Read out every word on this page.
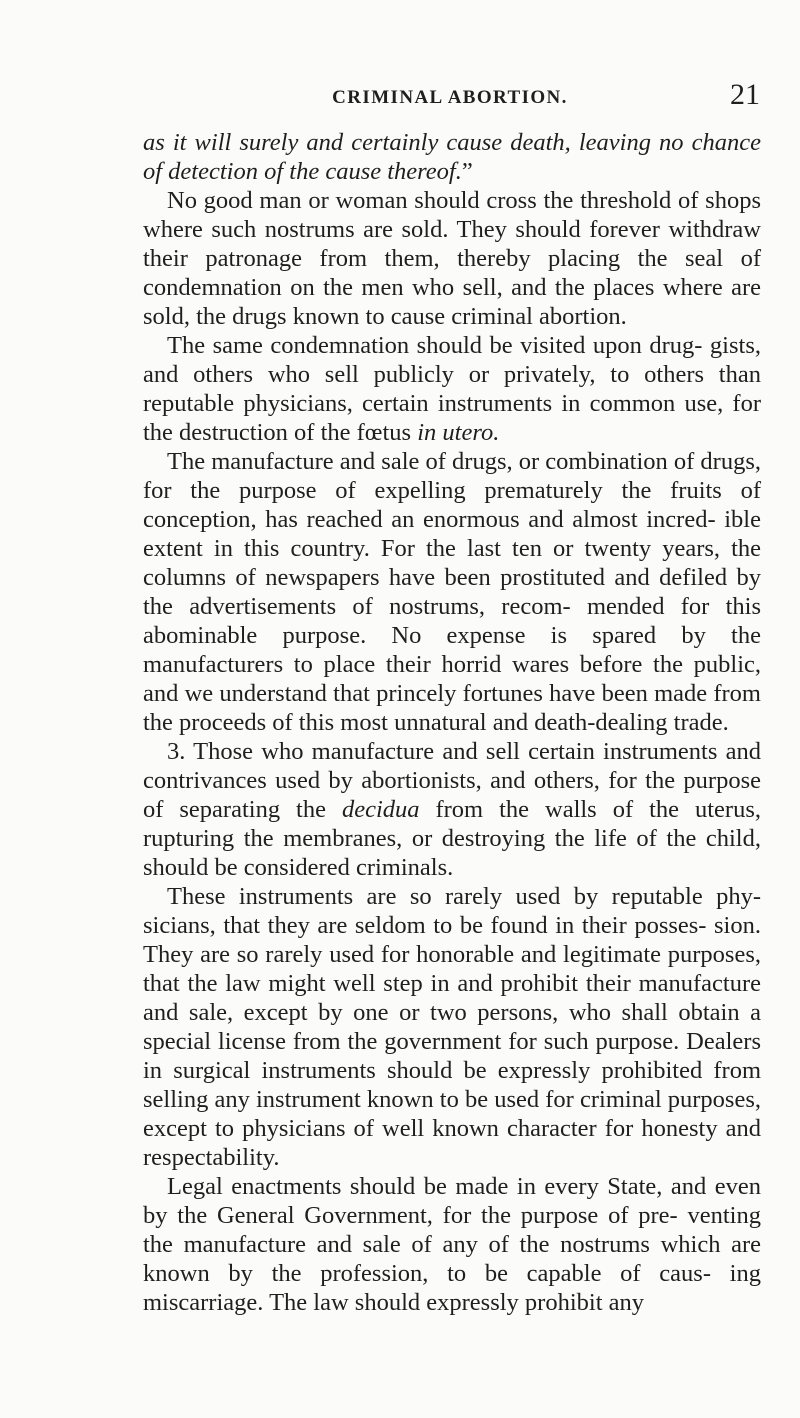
CRIMINAL ABORTION.	21

as it will surely and certainly cause death, leaving no chance of detection of the cause thereof.”

No good man or woman should cross the threshold of shops where such nostrums are sold. They should forever withdraw their patronage from them, thereby placing the seal of condemnation on the men who sell, and the places where are sold, the drugs known to cause criminal abortion.

The same condemnation should be visited upon drug- gists, and others who sell publicly or privately, to others than reputable physicians, certain instruments in common use, for the destruction of the fœtus in utero.

The manufacture and sale of drugs, or combination of drugs, for the purpose of expelling prematurely the fruits of conception, has reached an enormous and almost incred- ible extent in this country. For the last ten or twenty years, the columns of newspapers have been prostituted and defiled by the advertisements of nostrums, recom- mended for this abominable purpose. No expense is spared by the manufacturers to place their horrid wares before the public, and we understand that princely fortunes have been made from the proceeds of this most unnatural and death-dealing trade.

3. Those who manufacture and sell certain instruments and contrivances used by abortionists, and others, for the purpose of separating the decidua from the walls of the uterus, rupturing the membranes, or destroying the life of the child, should be considered criminals.

These instruments are so rarely used by reputable phy- sicians, that they are seldom to be found in their posses- sion. They are so rarely used for honorable and legitimate purposes, that the law might well step in and prohibit their manufacture and sale, except by one or two persons, who shall obtain a special license from the government for such purpose. Dealers in surgical instruments should be expressly prohibited from selling any instrument known to be used for criminal purposes, except to physicians of well known character for honesty and respectability.

Legal enactments should be made in every State, and even by the General Government, for the purpose of pre- venting the manufacture and sale of any of the nostrums which are known by the profession, to be capable of caus- ing miscarriage. The law should expressly prohibit any
